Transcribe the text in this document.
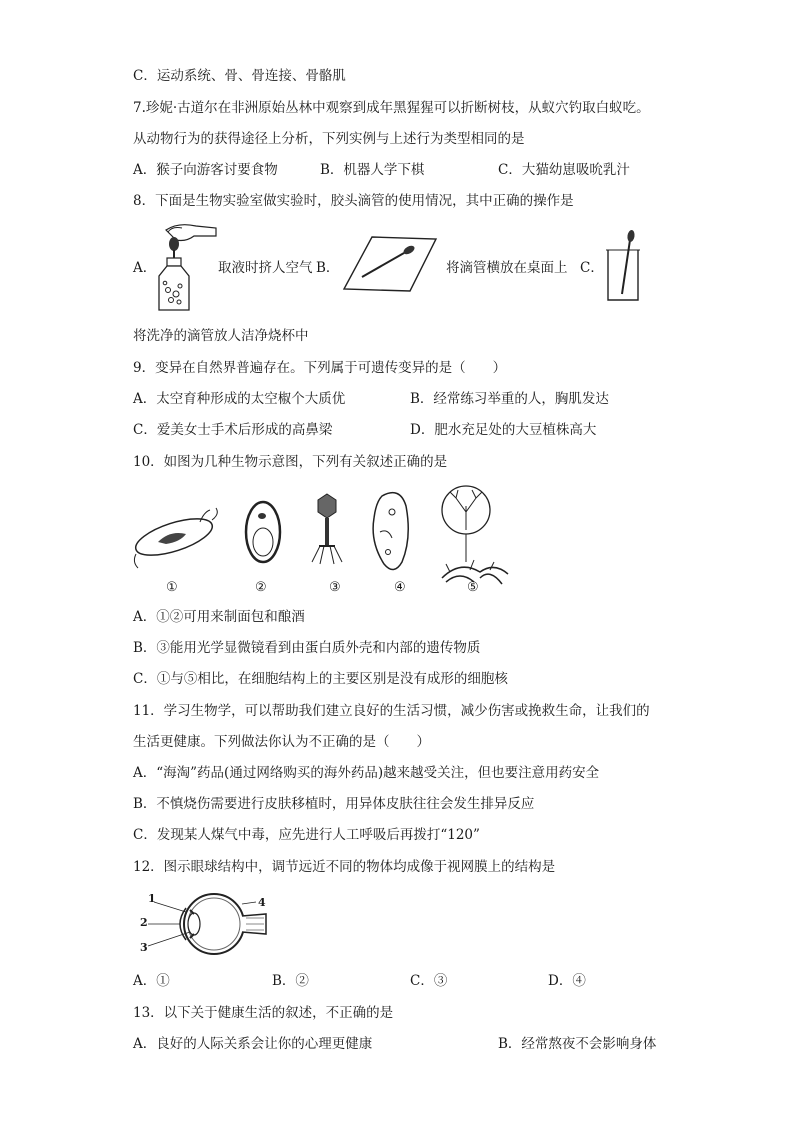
C．运动系统、骨、骨连接、骨骼肌
7.珍妮·古道尔在非洲原始丛林中观察到成年黑猩猩可以折断树枝，从蚁穴钓取白蚁吃。
从动物行为的获得途径上分析，下列实例与上述行为类型相同的是
A．猴子向游客讨要食物	B．机器人学下棋	C．大猫幼崽吸吮乳汁
8．下面是生物实验室做实验时，胶头滴管的使用情况，其中正确的操作是
A．	取液时挤人空气 B．	将滴管横放在桌面上 C．
将洗净的滴管放人洁净烧杯中
9．变异在自然界普遍存在。下列属于可遗传变异的是（　　）
A．太空育种形成的太空椒个大质优	B．经常练习举重的人，胸肌发达
C．爱美女士手术后形成的高鼻梁	D．肥水充足处的大豆植株高大
10．如图为几种生物示意图，下列有关叙述正确的是
①	②	③	④	⑤
A．①②可用来制面包和酿酒
B．③能用光学显微镜看到由蛋白质外壳和内部的遗传物质
C．①与⑤相比，在细胞结构上的主要区别是没有成形的细胞核
11．学习生物学，可以帮助我们建立良好的生活习惯，减少伤害或挽救生命，让我们的
生活更健康。下列做法你认为不正确的是（　　）
A．“海淘”药品(通过网络购买的海外药品)越来越受关注，但也要注意用药安全
B．不慎烧伤需要进行皮肤移植时，用异体皮肤往往会发生排异反应
C．发现某人煤气中毒，应先进行人工呼吸后再拨打“120”
12．图示眼球结构中，调节远近不同的物体均成像于视网膜上的结构是
1
2
3
4
A．①	B．②	C．③	D．④
13．以下关于健康生活的叙述，不正确的是
A．良好的人际关系会让你的心理更健康	B．经常熬夜不会影响身体
